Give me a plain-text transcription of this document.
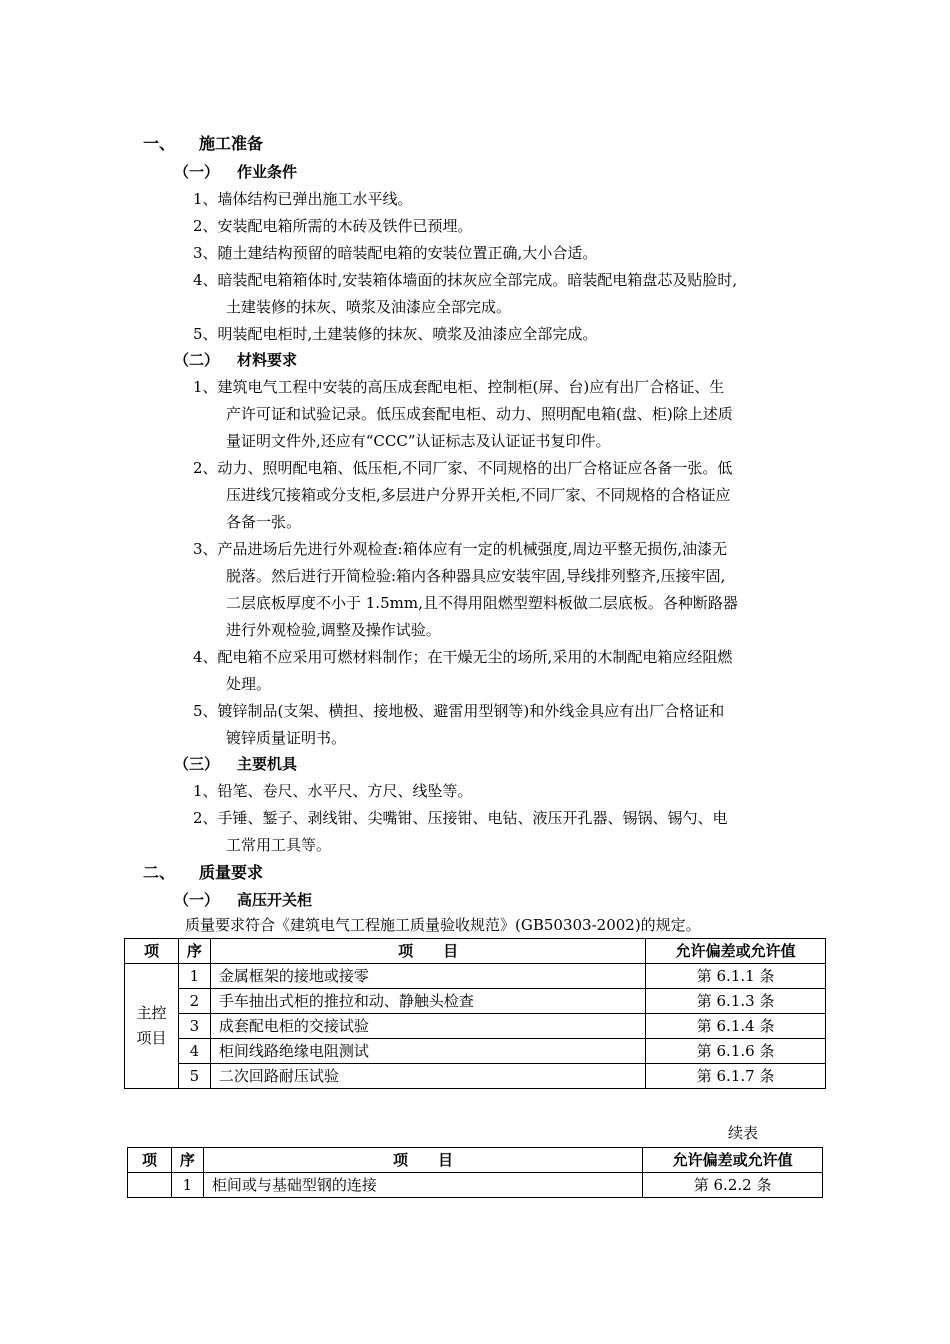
一、 施工准备
（一） 作业条件
1、墙体结构已弹出施工水平线。
2、安装配电箱所需的木砖及铁件已预埋。
3、随土建结构预留的暗装配电箱的安装位置正确,大小合适。
4、暗装配电箱箱体时,安装箱体墙面的抹灰应全部完成。暗装配电箱盘芯及贴脸时,
土建装修的抹灰、喷浆及油漆应全部完成。
5、明装配电柜时,土建装修的抹灰、喷浆及油漆应全部完成。
（二） 材料要求
1、建筑电气工程中安装的高压成套配电柜、控制柜(屏、台)应有出厂合格证、生
产许可证和试验记录。低压成套配电柜、动力、照明配电箱(盘、柜)除上述质
量证明文件外,还应有“CCC”认证标志及认证证书复印件。
2、动力、照明配电箱、低压柜,不同厂家、不同规格的出厂合格证应各备一张。低
压进线冗接箱或分支柜,多层进户分界开关柜,不同厂家、不同规格的合格证应
各备一张。
3、产品进场后先进行外观检查:箱体应有一定的机械强度,周边平整无损伤,油漆无
脱落。然后进行开简检验:箱内各种器具应安装牢固,导线排列整齐,压接牢固,
二层底板厚度不小于 1.5mm,且不得用阻燃型塑料板做二层底板。各种断路器
进行外观检验,调整及操作试验。
4、配电箱不应采用可燃材料制作；在干燥无尘的场所,采用的木制配电箱应经阻燃
处理。
5、镀锌制品(支架、横担、接地极、避雷用型钢等)和外线金具应有出厂合格证和
镀锌质量证明书。
（三） 主要机具
1、铅笔、卷尺、水平尺、方尺、线坠等。
2、手锤、錾子、剥线钳、尖嘴钳、压接钳、电钻、液压开孔器、锡锅、锡勺、电
工常用工具等。
二、 质量要求
（一） 高压开关柜
质量要求符合《建筑电气工程施工质量验收规范》(GB50303-2002)的规定。
项	序	项　　目	允许偏差或允许值

主控项目	1	金属框架的接地或接零	第 6.1.1 条
	2	手车抽出式柜的推拉和动、静触头检查	第 6.1.3 条
	3	成套配电柜的交接试验	第 6.1.4 条
	4	柜间线路绝缘电阻测试	第 6.1.6 条
	5	二次回路耐压试验	第 6.1.7 条
续表
项	序	项　　目	允许偏差或允许值
	1	柜间或与基础型钢的连接	第 6.2.2 条
